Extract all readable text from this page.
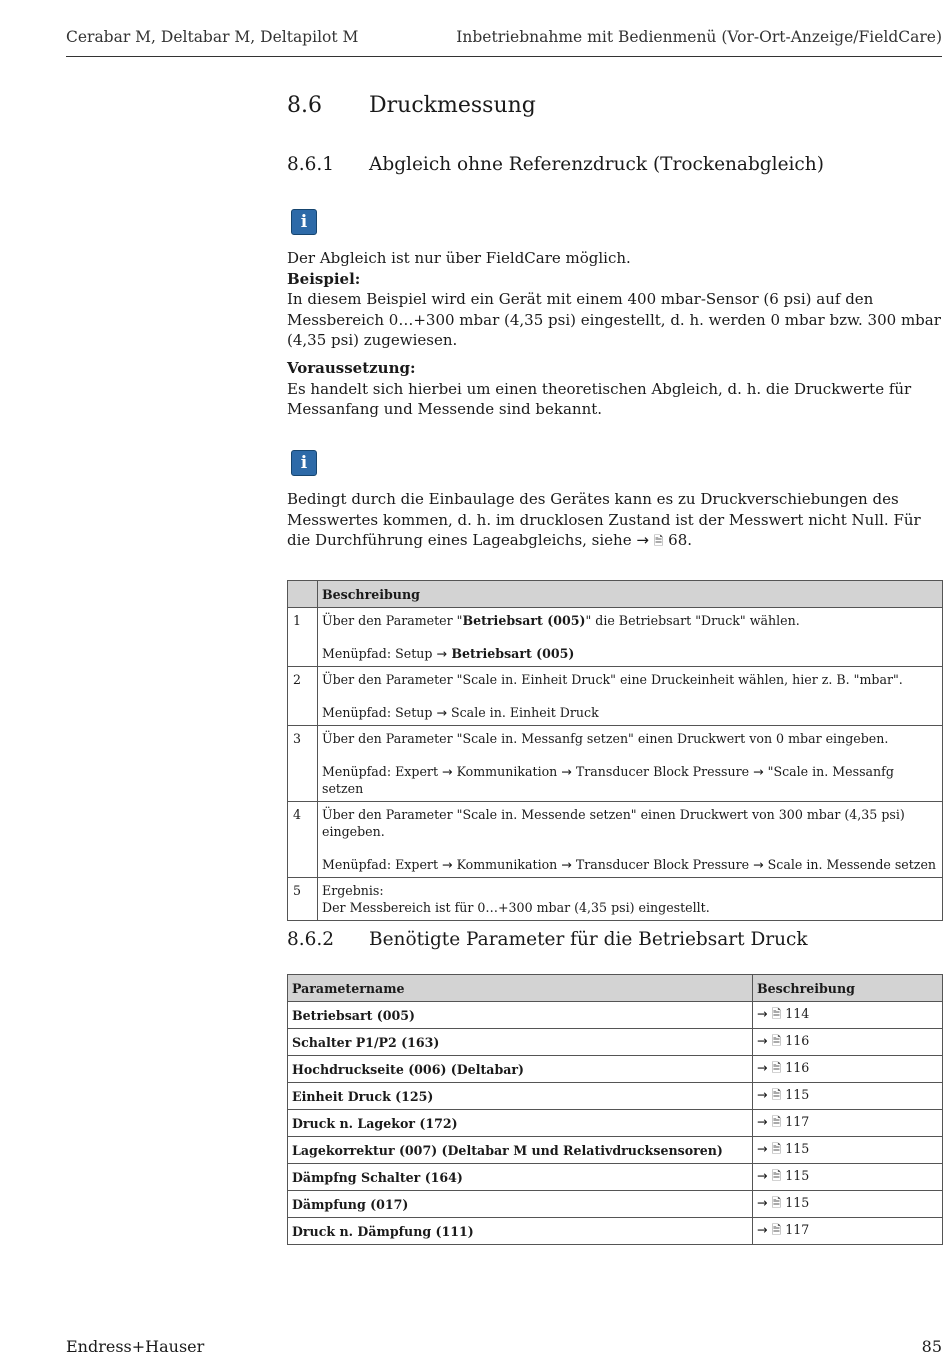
Cerabar M, Deltabar M, Deltapilot M	Inbetriebnahme mit Bedienmenü (Vor-Ort-Anzeige/FieldCare)
8.6 Druckmessung
8.6.1 Abgleich ohne Referenzdruck (Trockenabgleich)
i
Der Abgleich ist nur über FieldCare möglich.
Beispiel:
In diesem Beispiel wird ein Gerät mit einem 400 mbar-Sensor (6 psi) auf den Messbereich 0…+300 mbar (4,35 psi) eingestellt, d. h. werden 0 mbar bzw. 300 mbar (4,35 psi) zugewiesen.
Voraussetzung:
Es handelt sich hierbei um einen theoretischen Abgleich, d. h. die Druckwerte für Messanfang und Messende sind bekannt.
i
Bedingt durch die Einbaulage des Gerätes kann es zu Druckverschiebungen des Messwertes kommen, d. h. im drucklosen Zustand ist der Messwert nicht Null. Für die Durchführung eines Lageabgleichs, siehe → 🗎 68.
	Beschreibung
1	Über den Parameter "Betriebsart (005)" die Betriebsart "Druck" wählen.
Menüpfad: Setup → Betriebsart (005)

2	Über den Parameter "Scale in. Einheit Druck" eine Druckeinheit wählen, hier z. B. "mbar".
Menüpfad: Setup → Scale in. Einheit Druck

3	Über den Parameter "Scale in. Messanfg setzen" einen Druckwert von 0 mbar eingeben.
Menüpfad: Expert → Kommunikation → Transducer Block Pressure → "Scale in. Messanfg setzen

4	Über den Parameter "Scale in. Messende setzen" einen Druckwert von 300 mbar (4,35 psi) eingeben.
Menüpfad: Expert → Kommunikation → Transducer Block Pressure → Scale in. Messende setzen

5	Ergebnis:
Der Messbereich ist für 0…+300 mbar (4,35 psi) eingestellt.
8.6.2 Benötigte Parameter für die Betriebsart Druck
Parametername	Beschreibung
Betriebsart (005)	→ 🗎 114
Schalter P1/P2 (163)	→ 🗎 116
Hochdruckseite (006) (Deltabar)	→ 🗎 116
Einheit Druck (125)	→ 🗎 115
Druck n. Lagekor (172)	→ 🗎 117
Lagekorrektur (007) (Deltabar M und Relativdrucksensoren)	→ 🗎 115
Dämpfng Schalter (164)	→ 🗎 115
Dämpfung (017)	→ 🗎 115
Druck n. Dämpfung (111)	→ 🗎 117
Endress+Hauser	85
